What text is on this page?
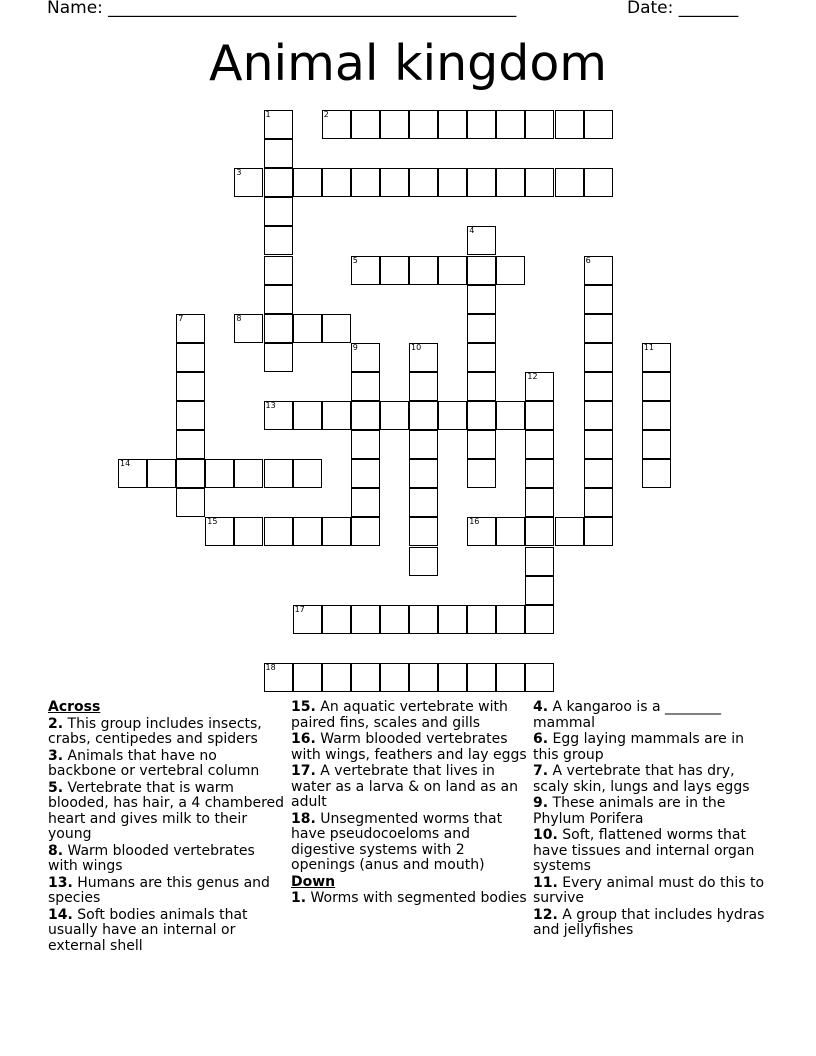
Name: ________________________________________________	Date: _______
Animal kingdom
1	2
3
4
5	6
7	8
9	10	11
12
13
14
15	16
17
18
Across
2. This group includes insects, crabs, centipedes and spiders
3. Animals that have no backbone or vertebral column
5. Vertebrate that is warm blooded, has hair, a 4 chambered heart and gives milk to their young
8. Warm blooded vertebrates with wings
13. Humans are this genus and species
14. Soft bodies animals that usually have an internal or external shell
15. An aquatic vertebrate with paired fins, scales and gills
16. Warm blooded vertebrates with wings, feathers and lay eggs
17. A vertebrate that lives in water as a larva & on land as an adult
18. Unsegmented worms that have pseudocoeloms and digestive systems with 2 openings (anus and mouth)
Down
1. Worms with segmented bodies
4. A kangaroo is a ________ mammal
6. Egg laying mammals are in this group
7. A vertebrate that has dry, scaly skin, lungs and lays eggs
9. These animals are in the Phylum Porifera
10. Soft, flattened worms that have tissues and internal organ systems
11. Every animal must do this to survive
12. A group that includes hydras and jellyfishes
